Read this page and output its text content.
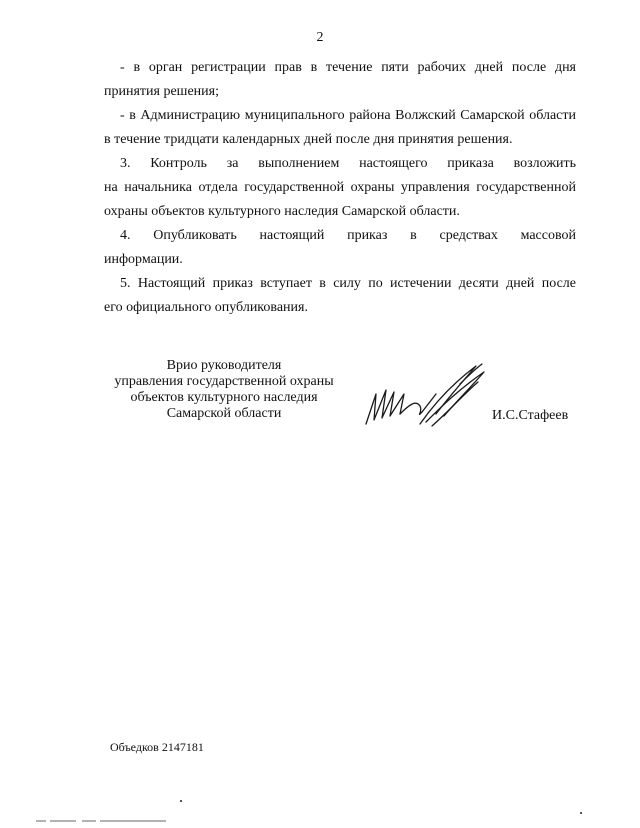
2
- в орган регистрации прав в течение пяти рабочих дней после дня
принятия решения;
- в Администрацию муниципального района Волжский Самарской области
в течение тридцати календарных дней после дня принятия решения.
3. Контроль за выполнением настоящего приказа возложить
на начальника отдела государственной охраны управления государственной
охраны объектов культурного наследия Самарской области.
4. Опубликовать настоящий приказ в средствах массовой
информации.
5. Настоящий приказ вступает в силу по истечении десяти дней после
его официального опубликования.
Врио руководителя
управления государственной охраны
объектов культурного наследия
Самарской области	И.С.Стафеев
Объедков 2147181
